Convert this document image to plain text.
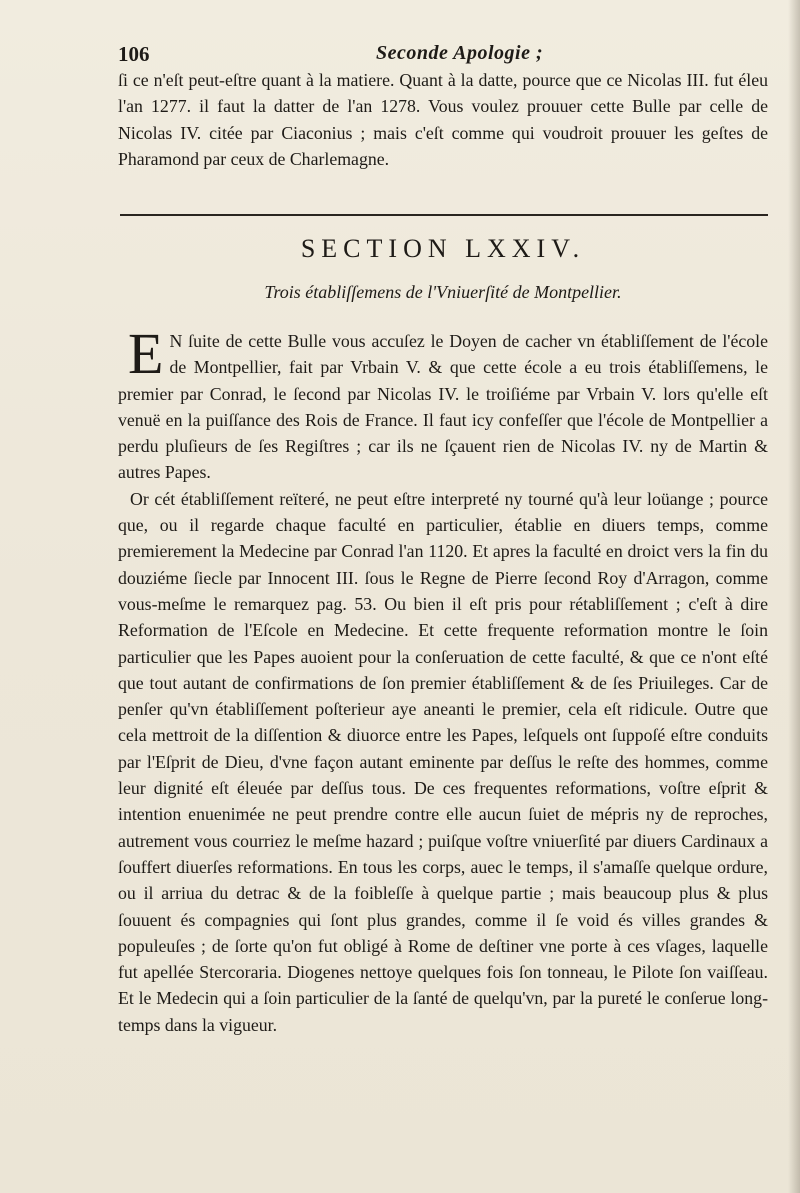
106	Seconde Apologie ;

ſi ce n'eſt peut-eſtre quant à la matiere. Quant à la datte, pource que ce Nicolas III. fut éleu l'an 1277. il faut la datter de l'an 1278. Vous voulez prouuer cette Bulle par celle de Nicolas IV. citée par Ciaconius ; mais c'eſt comme qui voudroit prouuer les geſtes de Pharamond par ceux de Charlemagne.

SECTION LXXIV.

Trois établiſſemens de l'Vniuerſité de Montpellier.

E N ſuite de cette Bulle vous accuſez le Doyen de cacher vn établiſſement de l'école de Montpellier, fait par Vrbain V. & que cette école a eu trois établiſſemens, le premier par Conrad, le ſecond par Nicolas IV. le troiſiéme par Vrbain V. lors qu'elle eſt venuë en la puiſſance des Rois de France. Il faut icy confeſſer que l'école de Montpellier a perdu pluſieurs de ſes Regiſtres ; car ils ne ſçauent rien de Nicolas IV. ny de Martin & autres Papes.

Or cét établiſſement reïteré, ne peut eſtre interpreté ny tourné qu'à leur loüange ; pource que, ou il regarde chaque faculté en particulier, établie en diuers temps, comme premierement la Medecine par Conrad l'an 1120. Et apres la faculté en droict vers la fin du douziéme ſiecle par Innocent III. ſous le Regne de Pierre ſecond Roy d'Arragon, comme vous-meſme le remarquez pag. 53. Ou bien il eſt pris pour rétabliſſement ; c'eſt à dire Reformation de l'Eſcole en Medecine. Et cette frequente reformation montre le ſoin particulier que les Papes auoient pour la conſeruation de cette faculté, & que ce n'ont eſté que tout autant de confirmations de ſon premier établiſſement & de ſes Priuileges. Car de penſer qu'vn établiſſement poſterieur aye aneanti le premier, cela eſt ridicule. Outre que cela mettroit de la diſſention & diuorce entre les Papes, leſquels ont ſuppoſé eſtre conduits par l'Eſprit de Dieu, d'vne façon autant eminente par deſſus le reſte des hommes, comme leur dignité eſt éleuée par deſſus tous. De ces frequentes reformations, voſtre eſprit & intention enuenimée ne peut prendre contre elle aucun ſuiet de mépris ny de reproches, autrement vous courriez le meſme hazard ; puiſque voſtre vniuerſité par diuers Cardinaux a ſouffert diuerſes reformations. En tous les corps, auec le temps, il s'amaſſe quelque ordure, ou il arriua du detrac & de la foibleſſe à quelque partie ; mais beaucoup plus & plus ſouuent és compagnies qui ſont plus grandes, comme il ſe void és villes grandes & populeuſes ; de ſorte qu'on fut obligé à Rome de deſtiner vne porte à ces vſages, laquelle fut apellée Stercoraria. Diogenes nettoye quelques fois ſon tonneau, le Pilote ſon vaiſſeau. Et le Medecin qui a ſoin particulier de la ſanté de quelqu'vn, par la pureté le conſerue long-temps dans la vigueur.
